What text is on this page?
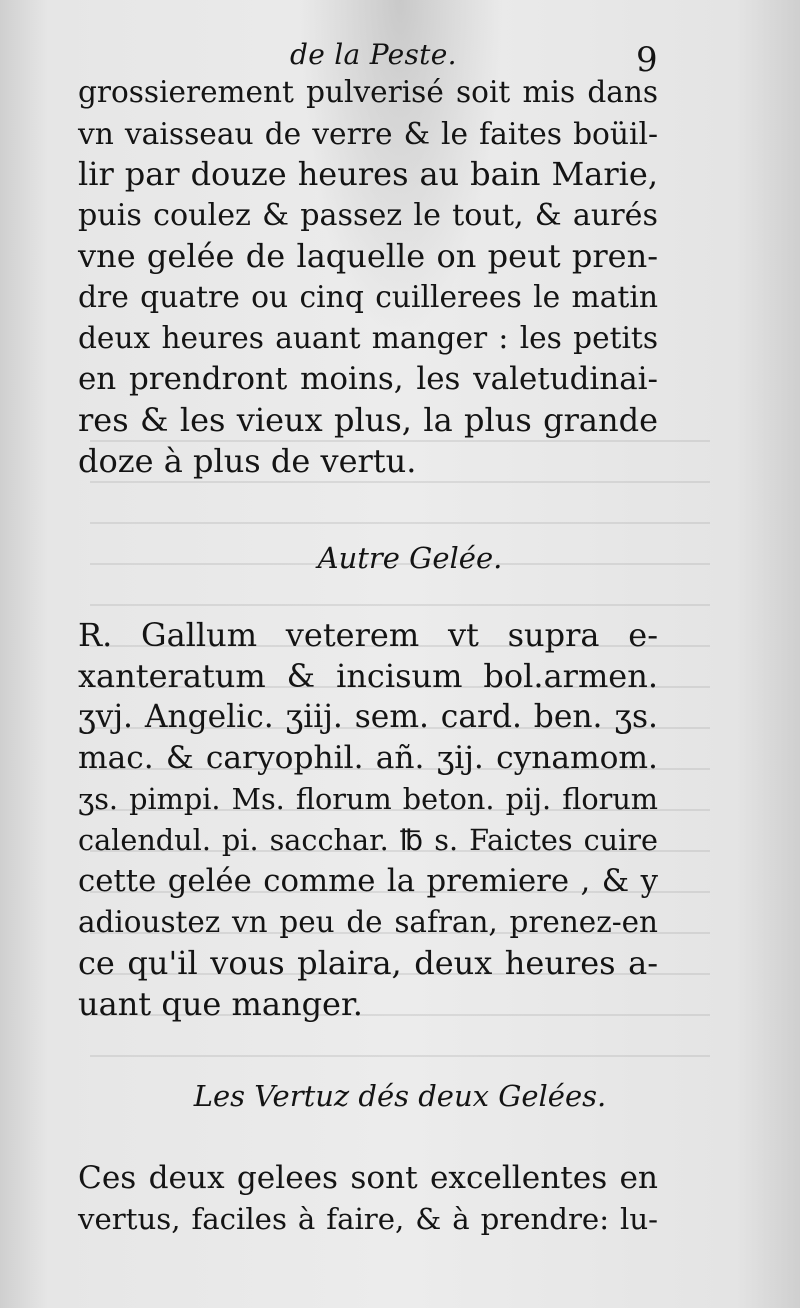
de la Peste.	9
grossierement pulverisé soit mis dans
vn vaisseau de verre & le faites boüil-
lir par douze heures au bain Marie,
puis coulez & passez le tout, & aurés
vne gelée de laquelle on peut pren-
dre quatre ou cinq cuillerees le matin
deux heures auant manger : les petits
en prendront moins, les valetudinai-
res & les vieux plus, la plus grande
doze à plus de vertu.
Autre Gelée.
R. Gallum veterem vt supra e-
xanteratum & incisum bol.armen.
ʒvj. Angelic. ʒiij. sem. card. ben. ʒs.
mac. & caryophil. añ. ʒij. cynamom.
ʒs. pimpi. Ms. florum beton. pij. florum
calendul. pi. sacchar. ℔ s. Faictes cuire
cette gelée comme la premiere , & y
adioustez vn peu de safran, prenez-en
ce qu'il vous plaira, deux heures a-
uant que manger.
Les Vertuz dés deux Gelées.
Ces deux gelees sont excellentes en
vertus, faciles à faire, & à prendre: lu-
